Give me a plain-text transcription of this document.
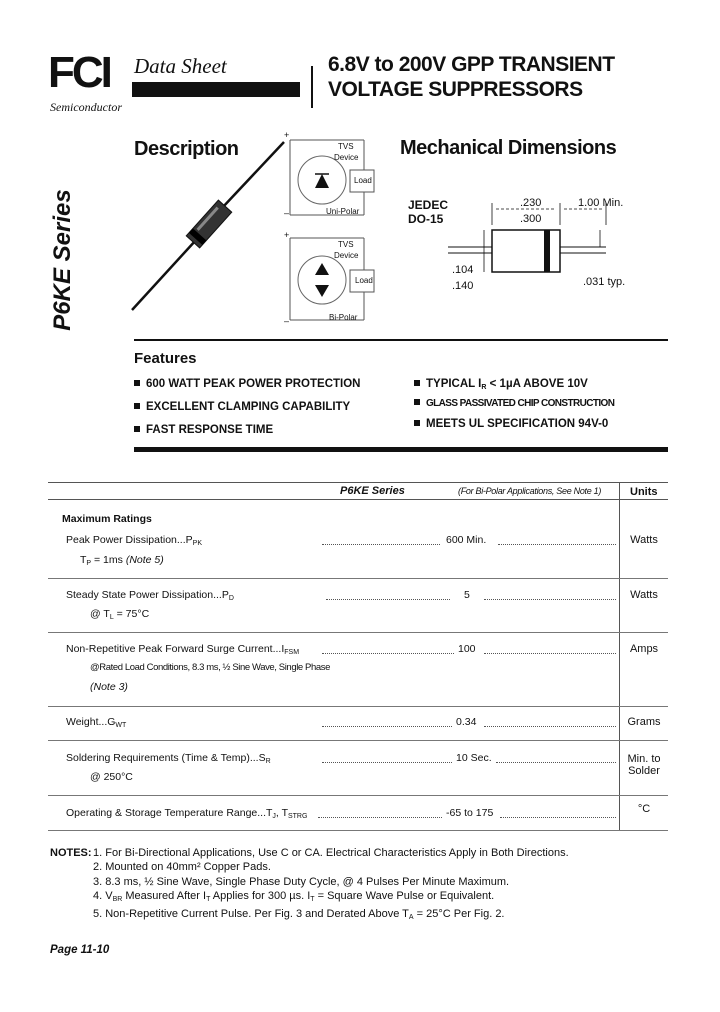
FCI
Semiconductor
Data Sheet	6.8V to 200V GPP TRANSIENT
VOLTAGE SUPPRESSORS
P6KE Series
Description	Mechanical Dimensions
+
–
+
–
TVS
Device
Load
Uni-Polar
TVS
Device
Load
Bi-Polar
JEDEC
DO-15
.230
.300
1.00 Min.
.104
.140	.031 typ.
Features
600 WATT PEAK POWER PROTECTION
EXCELLENT CLAMPING CAPABILITY
FAST RESPONSE TIME
TYPICAL $I_R < 1\mu A$ ABOVE 10V
GLASS PASSIVATED CHIP CONSTRUCTION
MEETS UL SPECIFICATION 94V-0
P6KE Series	(For Bi-Polar Applications, See Note 1)	Units
Maximum Ratings
Peak Power $Dissipation...P_{PK}$
$T_P = 1ms$ (Note 5)
600 Min.	Watts
Steady State Power $Dissipation...P_D$
@ $T_L = 75^\circ C$
5	Watts
Non-Repetitive Peak Forward Surge $Current...I_{FSM}$
@Rated Load Conditions, 8.3 ms, ½ Sine Wave, Single Phase
(Note 3)
100	Amps
$Weight...G_{WT}$	0.34	Grams
Soldering Requirements (Time & $Temp)...S_R$
@ 250°C
10 Sec.	Min. to
Solder
Operating & Storage Temperature $Range...T_J$, $T_{STRG}$	-65 to 175	°C
NOTES: 1. For Bi-Directional Applications, Use C or CA. Electrical Characteristics Apply in Both Directions.
2. Mounted on 40mm² Copper Pads.
3. 8.3 ms, ½ Sine Wave, Single Phase Duty Cycle, @ 4 Pulses Per Minute Maximum.
4. $V_{BR}$ Measured After $I_T$ Applies for 300 µs. $I_T$ = Square Wave Pulse or Equivalent.
5. Non-Repetitive Current Pulse. Per Fig. 3 and Derated Above $T_A = 25^\circ C$ Per Fig. 2.
Page 11-10
